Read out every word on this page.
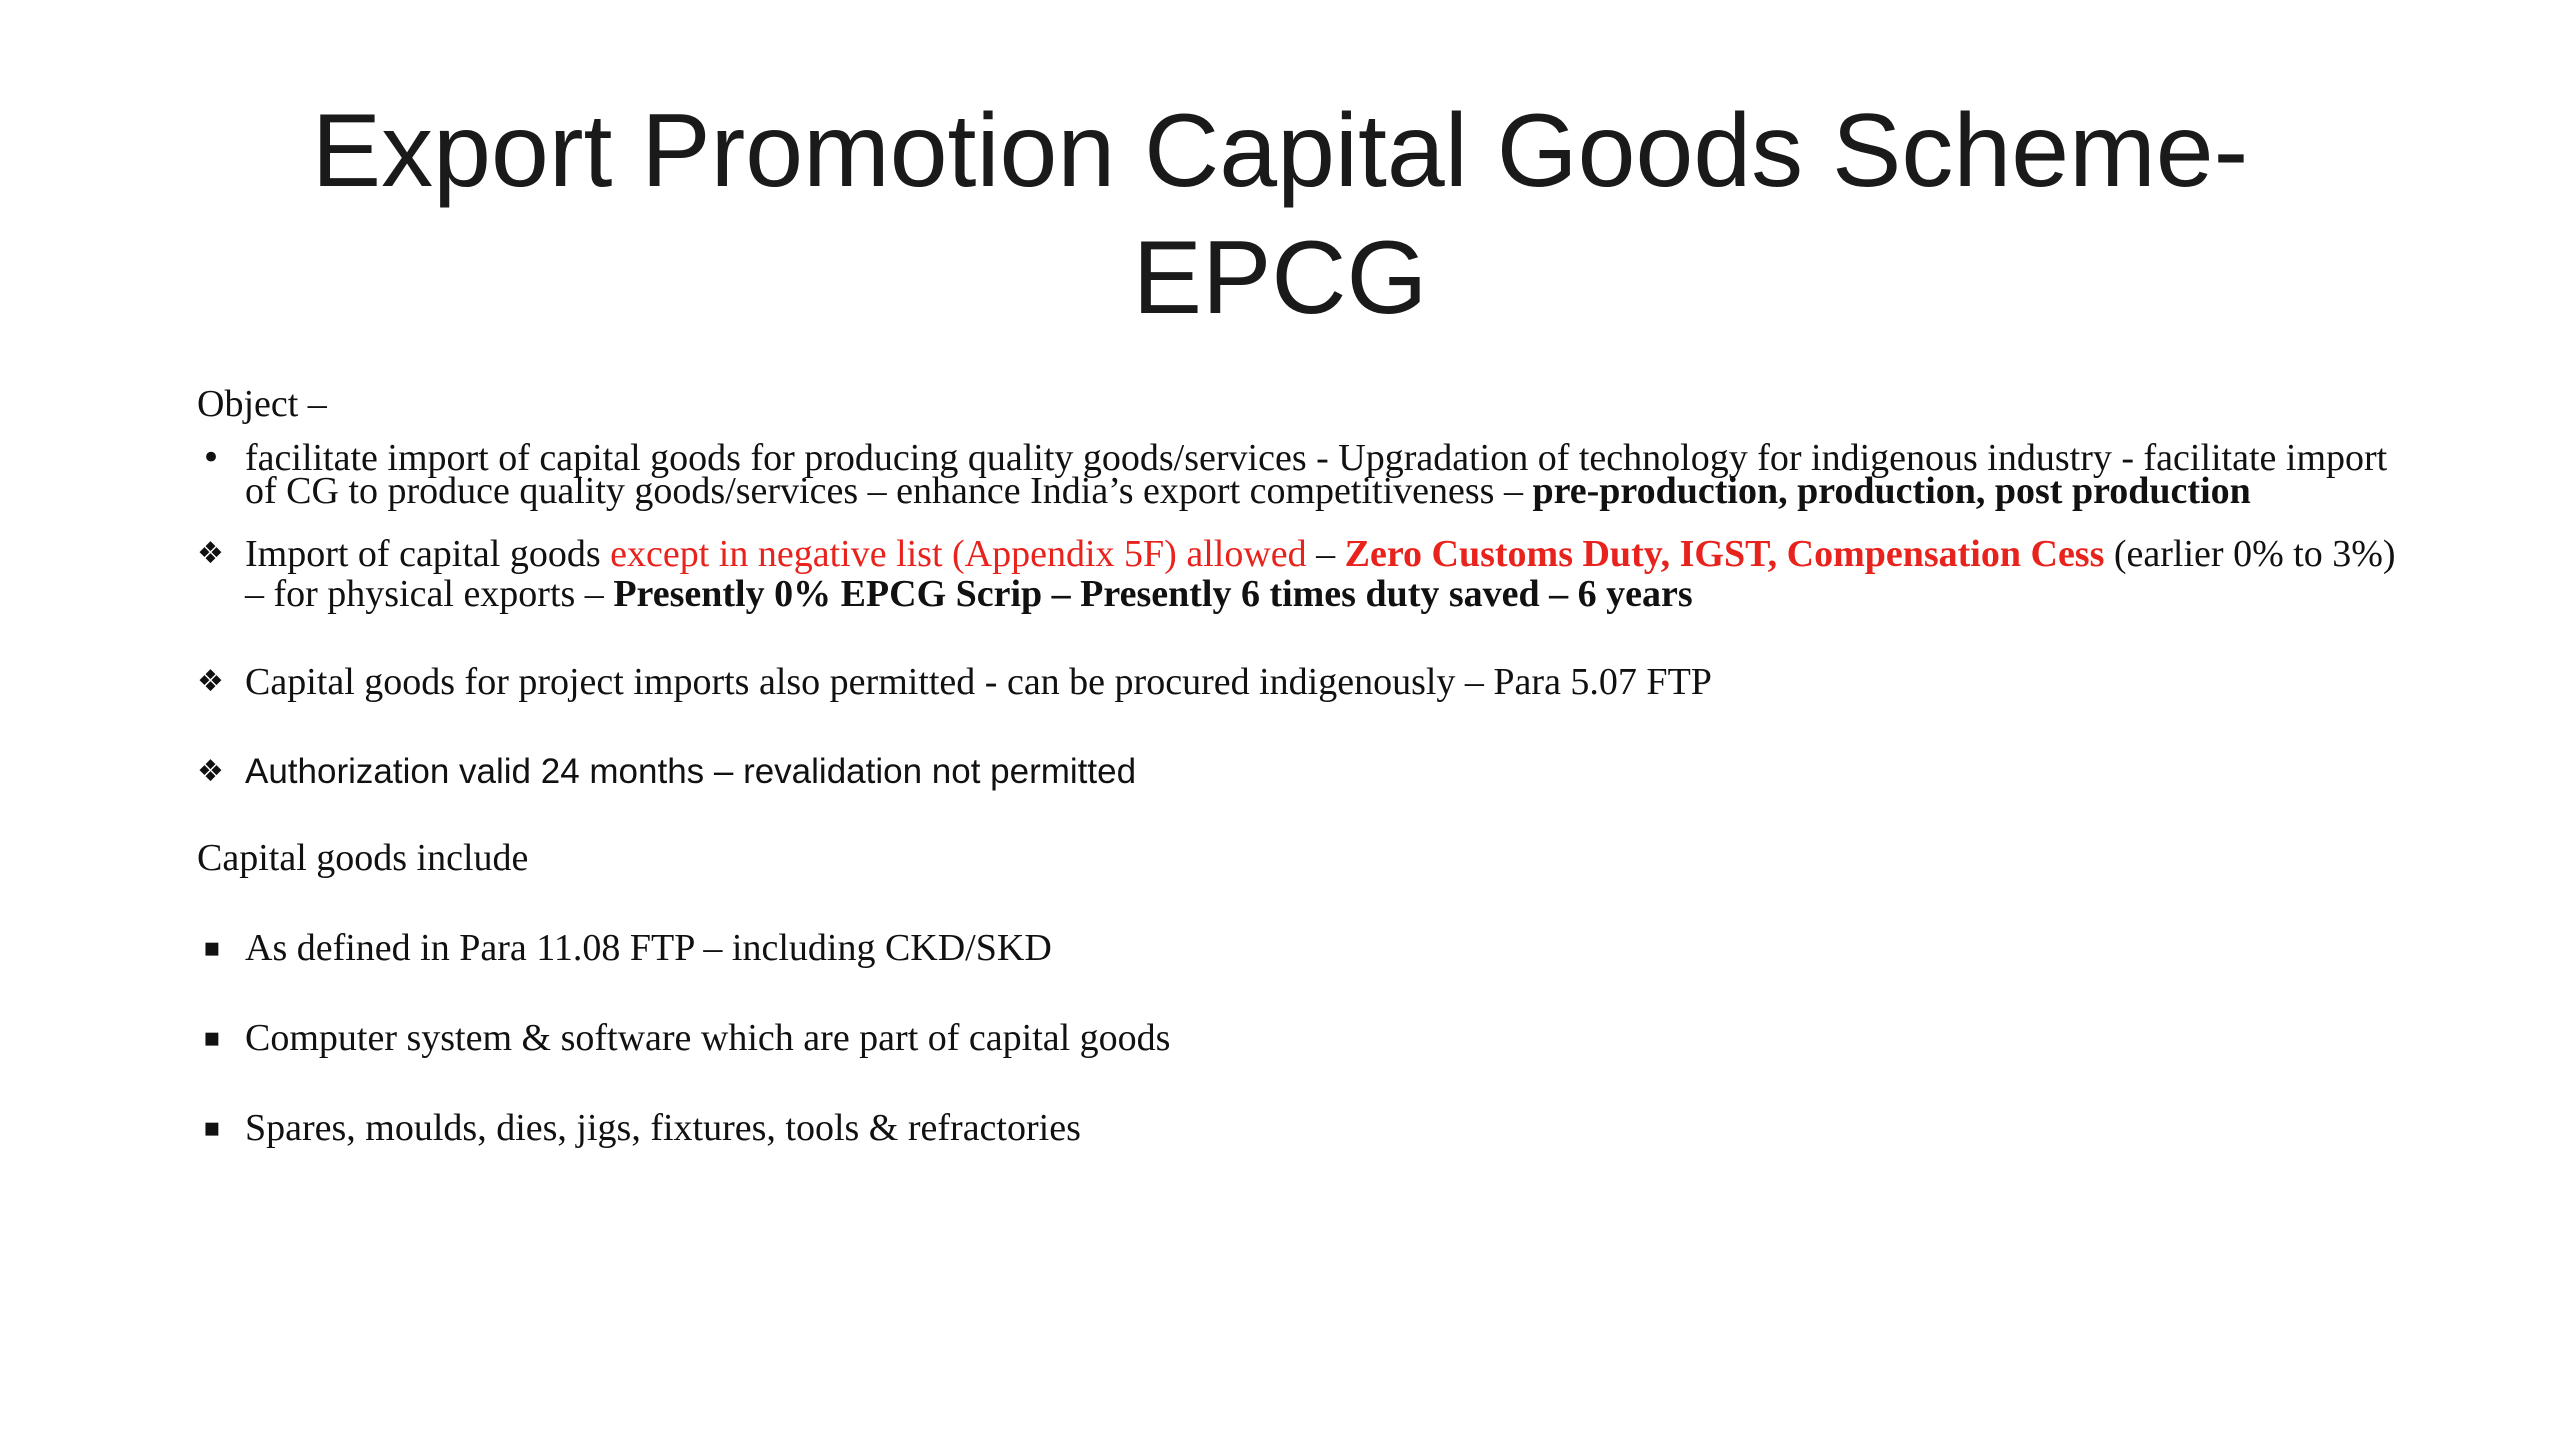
Export Promotion Capital Goods Scheme-
EPCG
Object –
• facilitate import of capital goods for producing quality goods/services - Upgradation of technology for indigenous industry - facilitate import of CG to produce quality goods/services – enhance India’s export competitiveness – pre-production, production, post production
❖ Import of capital goods except in negative list (Appendix 5F) allowed – Zero Customs Duty, IGST, Compensation Cess (earlier 0% to 3%) – for physical exports – Presently 0% EPCG Scrip – Presently 6 times duty saved – 6 years
❖ Capital goods for project imports also permitted - can be procured indigenously – Para 5.07 FTP
❖ Authorization valid 24 months – revalidation not permitted
Capital goods include
▪ As defined in Para 11.08 FTP – including CKD/SKD
▪ Computer system & software which are part of capital goods
▪ Spares, moulds, dies, jigs, fixtures, tools & refractories
